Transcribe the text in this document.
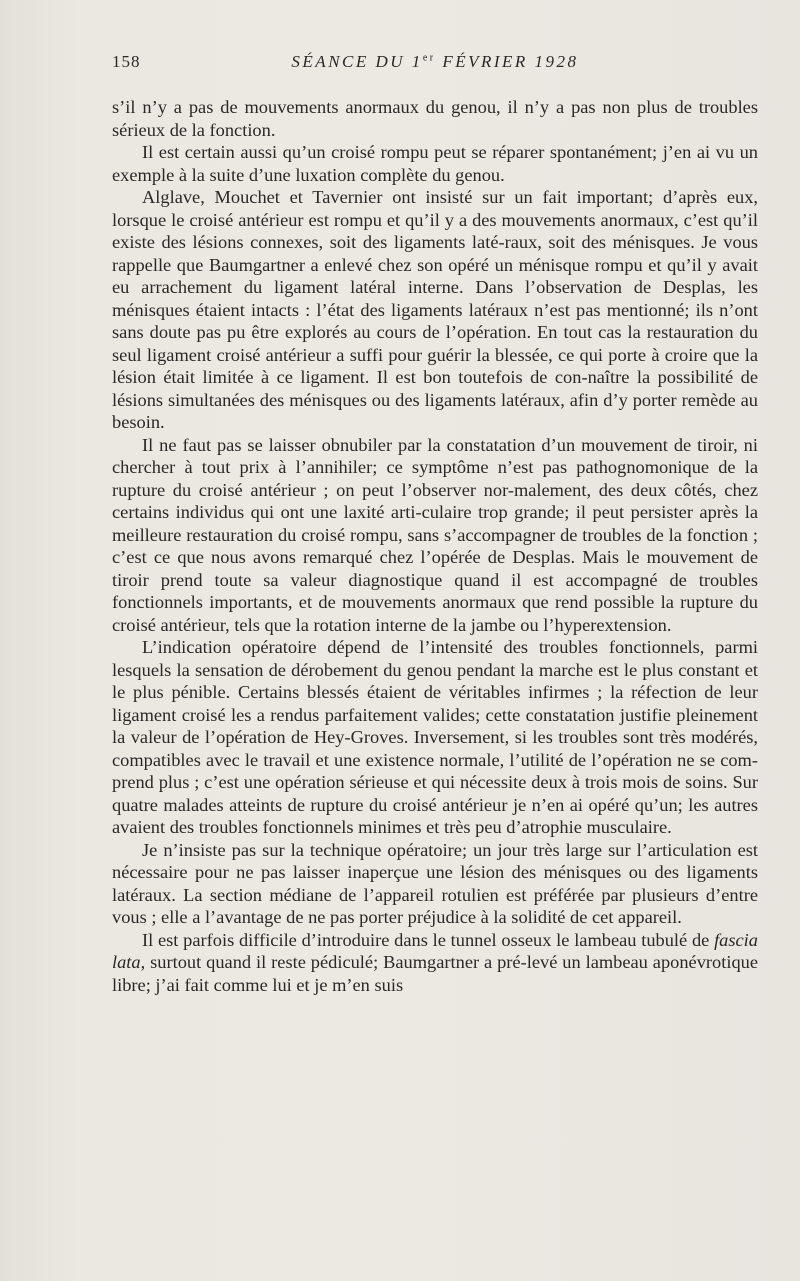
158	SÉANCE DU 1er FÉVRIER 1928

s’il n’y a pas de mouvements anormaux du genou, il n’y a pas non plus de troubles sérieux de la fonction.

Il est certain aussi qu’un croisé rompu peut se réparer spontanément; j’en ai vu un exemple à la suite d’une luxation complète du genou.

Alglave, Mouchet et Tavernier ont insisté sur un fait important; d’après eux, lorsque le croisé antérieur est rompu et qu’il y a des mouvements anormaux, c’est qu’il existe des lésions connexes, soit des ligaments laté-raux, soit des ménisques. Je vous rappelle que Baumgartner a enlevé chez son opéré un ménisque rompu et qu’il y avait eu arrachement du ligament latéral interne. Dans l’observation de Desplas, les ménisques étaient intacts : l’état des ligaments latéraux n’est pas mentionné; ils n’ont sans doute pas pu être explorés au cours de l’opération. En tout cas la restauration du seul ligament croisé antérieur a suffi pour guérir la blessée, ce qui porte à croire que la lésion était limitée à ce ligament. Il est bon toutefois de con-naître la possibilité de lésions simultanées des ménisques ou des ligaments latéraux, afin d’y porter remède au besoin.

Il ne faut pas se laisser obnubiler par la constatation d’un mouvement de tiroir, ni chercher à tout prix à l’annihiler; ce symptôme n’est pas pathognomonique de la rupture du croisé antérieur ; on peut l’observer nor-malement, des deux côtés, chez certains individus qui ont une laxité arti-culaire trop grande; il peut persister après la meilleure restauration du croisé rompu, sans s’accompagner de troubles de la fonction ; c’est ce que nous avons remarqué chez l’opérée de Desplas. Mais le mouvement de tiroir prend toute sa valeur diagnostique quand il est accompagné de troubles fonctionnels importants, et de mouvements anormaux que rend possible la rupture du croisé antérieur, tels que la rotation interne de la jambe ou l’hyperextension.

L’indication opératoire dépend de l’intensité des troubles fonctionnels, parmi lesquels la sensation de dérobement du genou pendant la marche est le plus constant et le plus pénible. Certains blessés étaient de véritables infirmes ; la réfection de leur ligament croisé les a rendus parfaitement valides; cette constatation justifie pleinement la valeur de l’opération de Hey-Groves. Inversement, si les troubles sont très modérés, compatibles avec le travail et une existence normale, l’utilité de l’opération ne se com-prend plus ; c’est une opération sérieuse et qui nécessite deux à trois mois de soins. Sur quatre malades atteints de rupture du croisé antérieur je n’en ai opéré qu’un; les autres avaient des troubles fonctionnels minimes et très peu d’atrophie musculaire.

Je n’insiste pas sur la technique opératoire; un jour très large sur l’articulation est nécessaire pour ne pas laisser inaperçue une lésion des ménisques ou des ligaments latéraux. La section médiane de l’appareil rotulien est préférée par plusieurs d’entre vous ; elle a l’avantage de ne pas porter préjudice à la solidité de cet appareil.

Il est parfois difficile d’introduire dans le tunnel osseux le lambeau tubulé de fascia lata, surtout quand il reste pédiculé; Baumgartner a pré-levé un lambeau aponévrotique libre; j’ai fait comme lui et je m’en suis
